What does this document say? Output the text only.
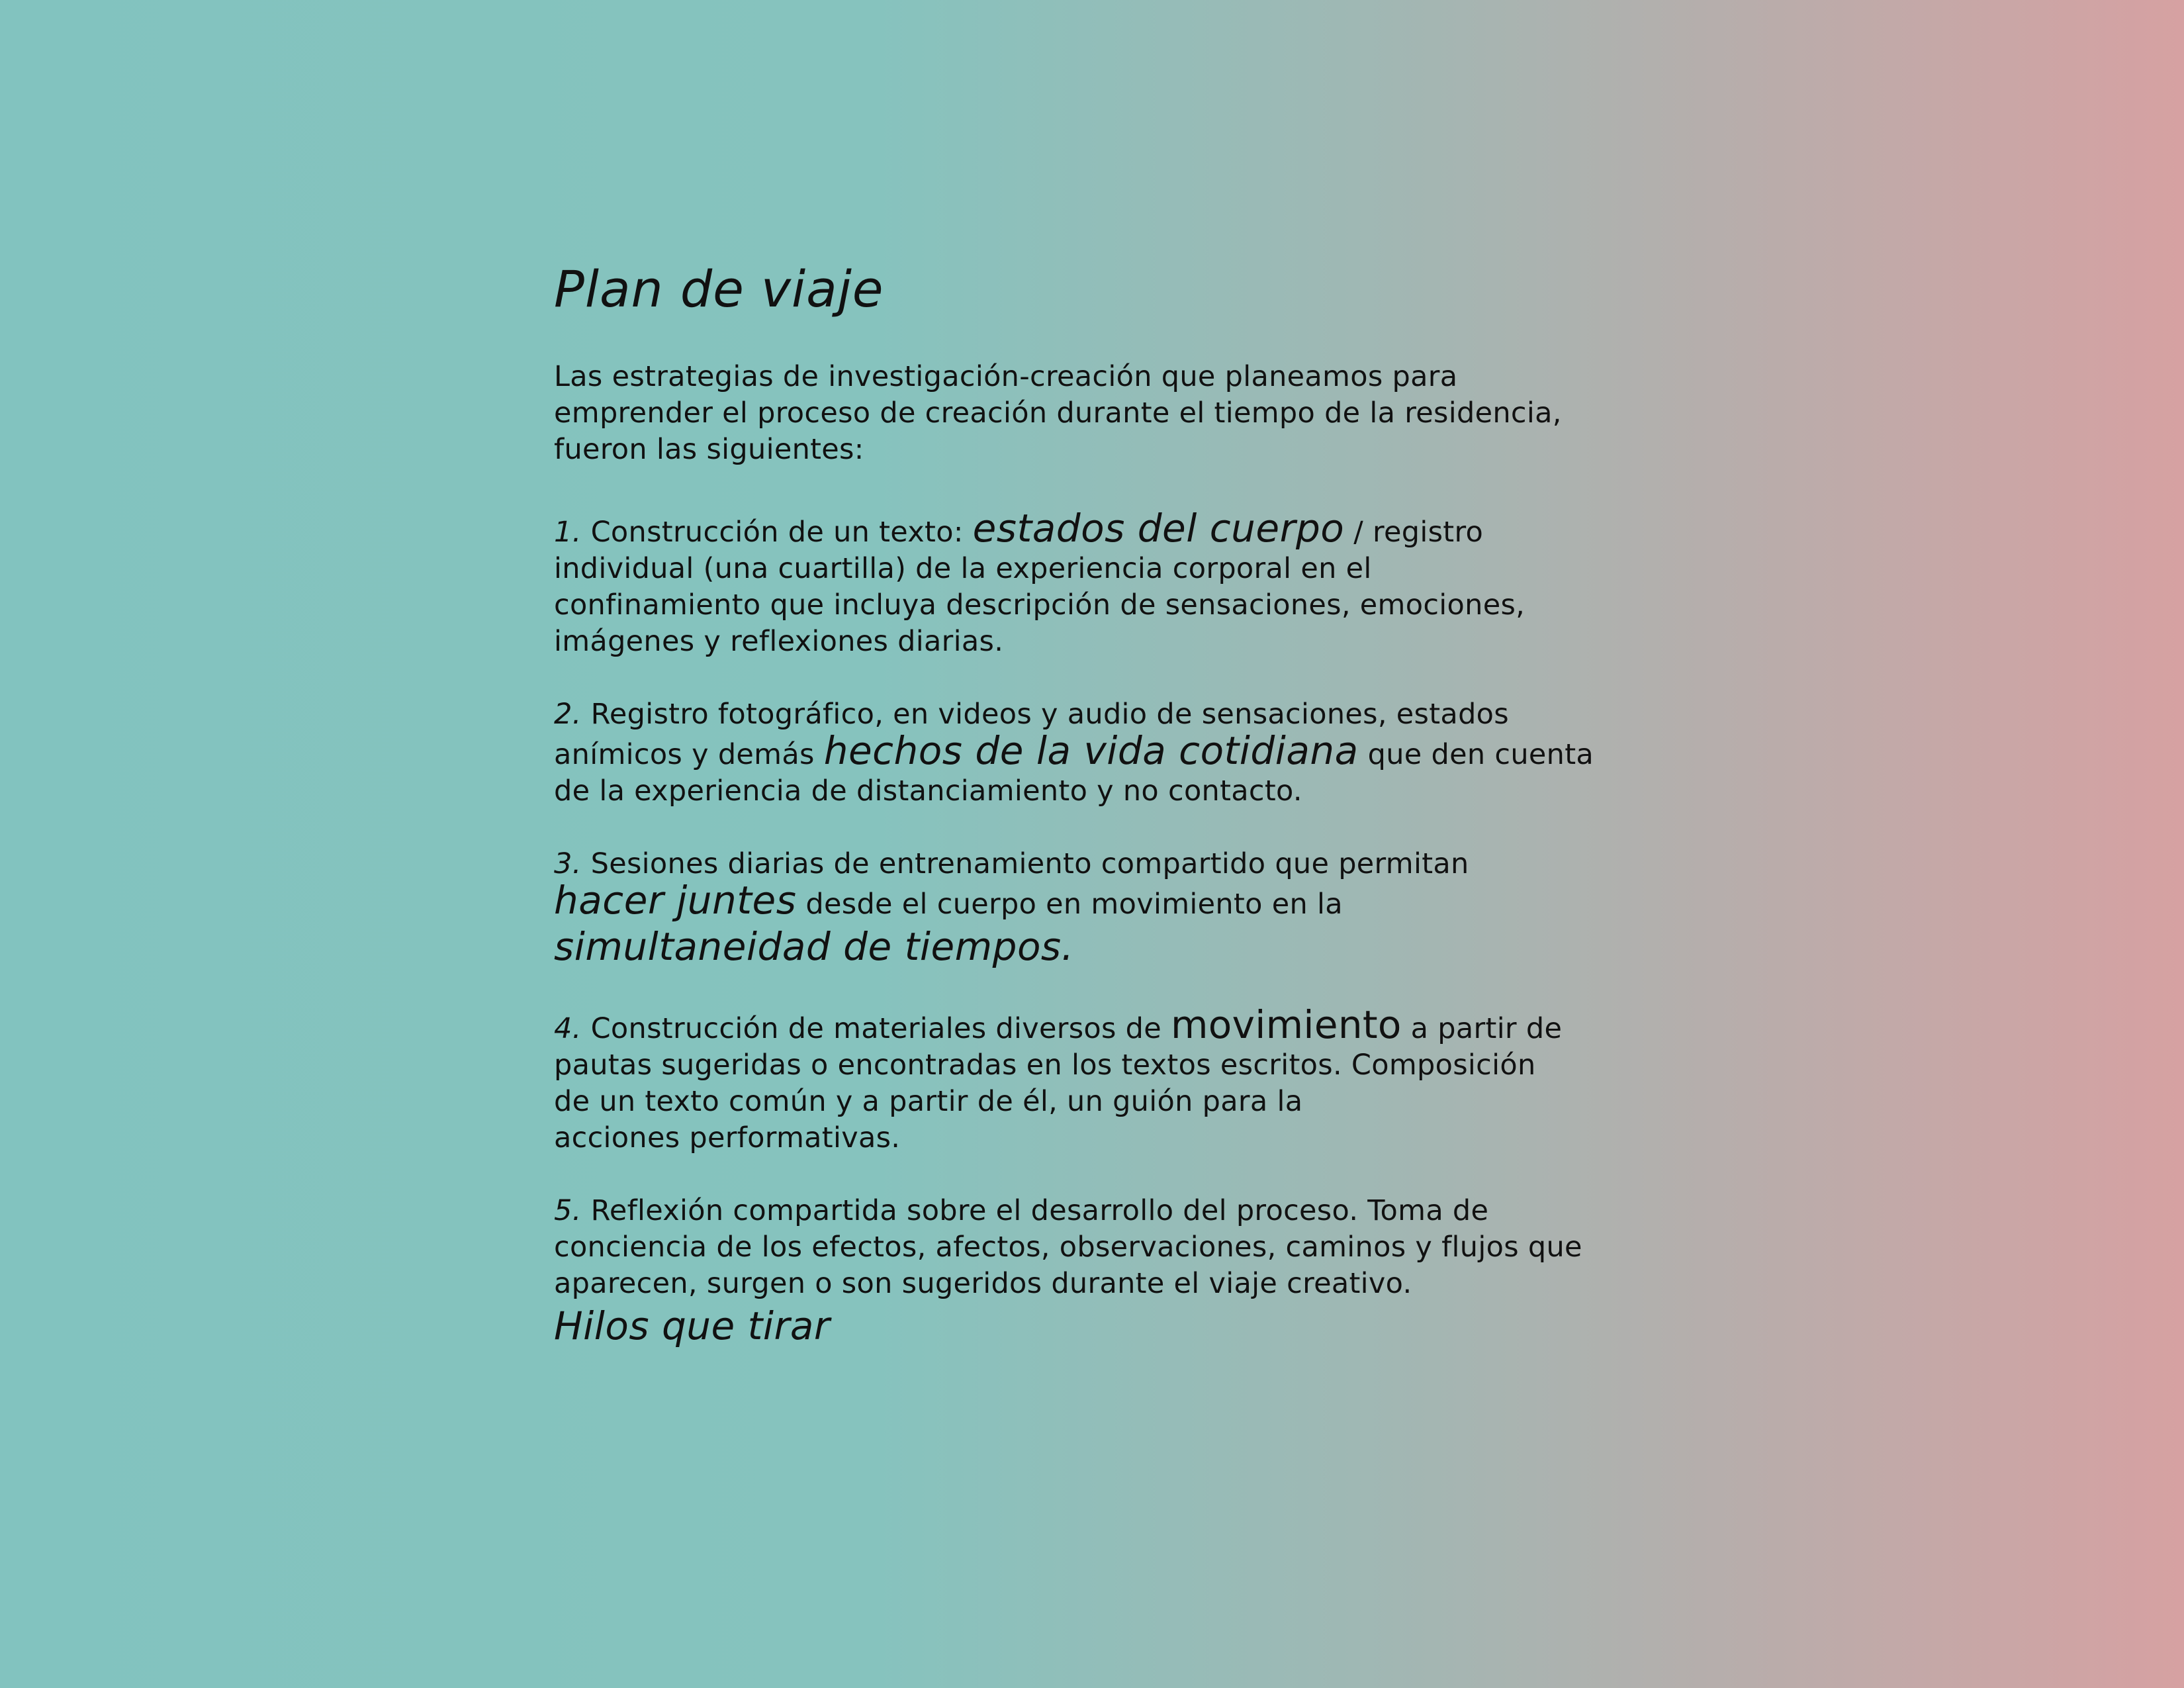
Plan de viaje

Las estrategias de investigación-creación que planeamos para
emprender el proceso de creación durante el tiempo de la residencia,
fueron las siguientes:

1. Construcción de un texto: estados del cuerpo / registro
individual (una cuartilla) de la experiencia corporal en el
confinamiento que incluya descripción de sensaciones, emociones,
imágenes y reflexiones diarias.

2. Registro fotográfico, en videos y audio de sensaciones, estados
anímicos y demás hechos de la vida cotidiana que den cuenta
de la experiencia de distanciamiento y no contacto.

3. Sesiones diarias de entrenamiento compartido que permitan
hacer juntes desde el cuerpo en movimiento en la
simultaneidad de tiempos.

4. Construcción de materiales diversos de movimiento a partir de
pautas sugeridas o encontradas en los textos escritos. Composición
de un texto común y a partir de él, un guión para la
acciones performativas.

5. Reflexión compartida sobre el desarrollo del proceso. Toma de
conciencia de los efectos, afectos, observaciones, caminos y flujos que
aparecen, surgen o son sugeridos durante el viaje creativo.
Hilos que tirar
